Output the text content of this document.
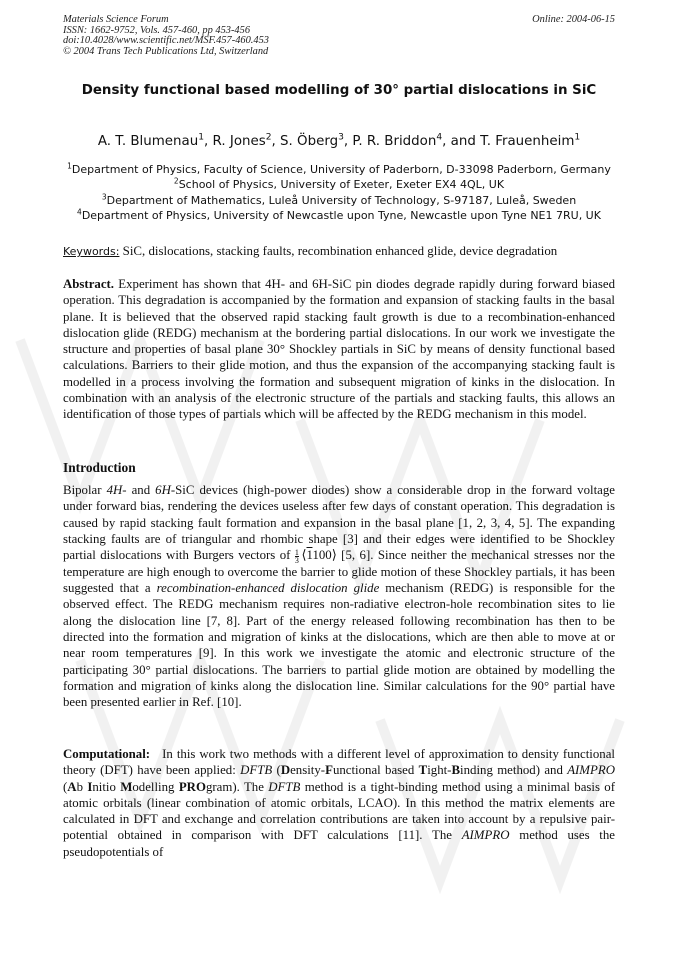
Materials Science Forum
ISSN: 1662-9752, Vols. 457-460, pp 453-456
doi:10.4028/www.scientific.net/MSF.457-460.453
© 2004 Trans Tech Publications Ltd, Switzerland
Online: 2004-06-15
Density functional based modelling of 30° partial dislocations in SiC
A. T. Blumenau$^1$, R. Jones$^2$, S. Öberg$^3$, P. R. Briddon$^4$, and T. Frauenheim$^1$
$^1$Department of Physics, Faculty of Science, University of Paderborn, D-33098 Paderborn, Germany
$^2$School of Physics, University of Exeter, Exeter EX4 4QL, UK
$^3$Department of Mathematics, Luleå University of Technology, S-97187, Luleå, Sweden
$^4$Department of Physics, University of Newcastle upon Tyne, Newcastle upon Tyne NE1 7RU, UK
Keywords: SiC, dislocations, stacking faults, recombination enhanced glide, device degradation

Abstract. Experiment has shown that 4H- and 6H-SiC pin diodes degrade rapidly during forward biased operation. This degradation is accompanied by the formation and expansion of stacking faults in the basal plane. It is believed that the observed rapid stacking fault growth is due to a recombination-enhanced dislocation glide (REDG) mechanism at the bordering partial dislocations. In our work we investigate the structure and properties of basal plane 30° Shockley partials in SiC by means of density functional based calculations. Barriers to their glide motion, and thus the expansion of the accompanying stacking fault is modelled in a process involving the formation and subsequent migration of kinks in the dislocation. In combination with an analysis of the electronic structure of the partials and stacking faults, this allows an identification of those types of partials which will be affected by the REDG mechanism in this model.

Introduction

Bipolar 4H- and 6H-SiC devices (high-power diodes) show a considerable drop in the forward voltage under forward bias, rendering the devices useless after few days of constant operation. This degradation is caused by rapid stacking fault formation and expansion in the basal plane [1, 2, 3, 4, 5]. The expanding stacking faults are of triangular and rhombic shape [3] and their edges were identified to be Shockley partial dislocations with Burgers vectors of $\frac{1}{3}$
  ⟨1100⟩ [5, 6]. Since neither the mechanical stresses nor the temperature are high enough to overcome the barrier to glide motion of these Shockley partials, it has been suggested that a recombination-enhanced dislocation glide mechanism (REDG) is responsible for the observed effect. The REDG mechanism requires non-radiative electron-hole recombination sites to lie along the dislocation line [7, 8]. Part of the energy released following recombination has then to be directed into the formation and migration of kinks at the dislocations, which are then able to move at or near room temperatures [9]. In this work we investigate the atomic and electronic structure of the participating 30° partial dislocations. The barriers to partial glide motion are obtained by modelling the formation and migration of kinks along the dislocation line. Similar calculations for the 90° partial have been presented earlier in Ref. [10].

Computational: In this work two methods with a different level of approximation to density functional theory (DFT) have been applied: DFTB (Density-Functional based Tight-Binding method) and AIMPRO (Ab Initio Modelling PROgram). The DFTB method is a tight-binding method using a minimal basis of atomic orbitals (linear combination of atomic orbitals, LCAO). In this method the matrix elements are calculated in DFT and exchange and correlation contributions are taken into account by a repulsive pair-potential obtained in comparison with DFT calculations [11]. The AIMPRO method uses the pseudopotentials of
